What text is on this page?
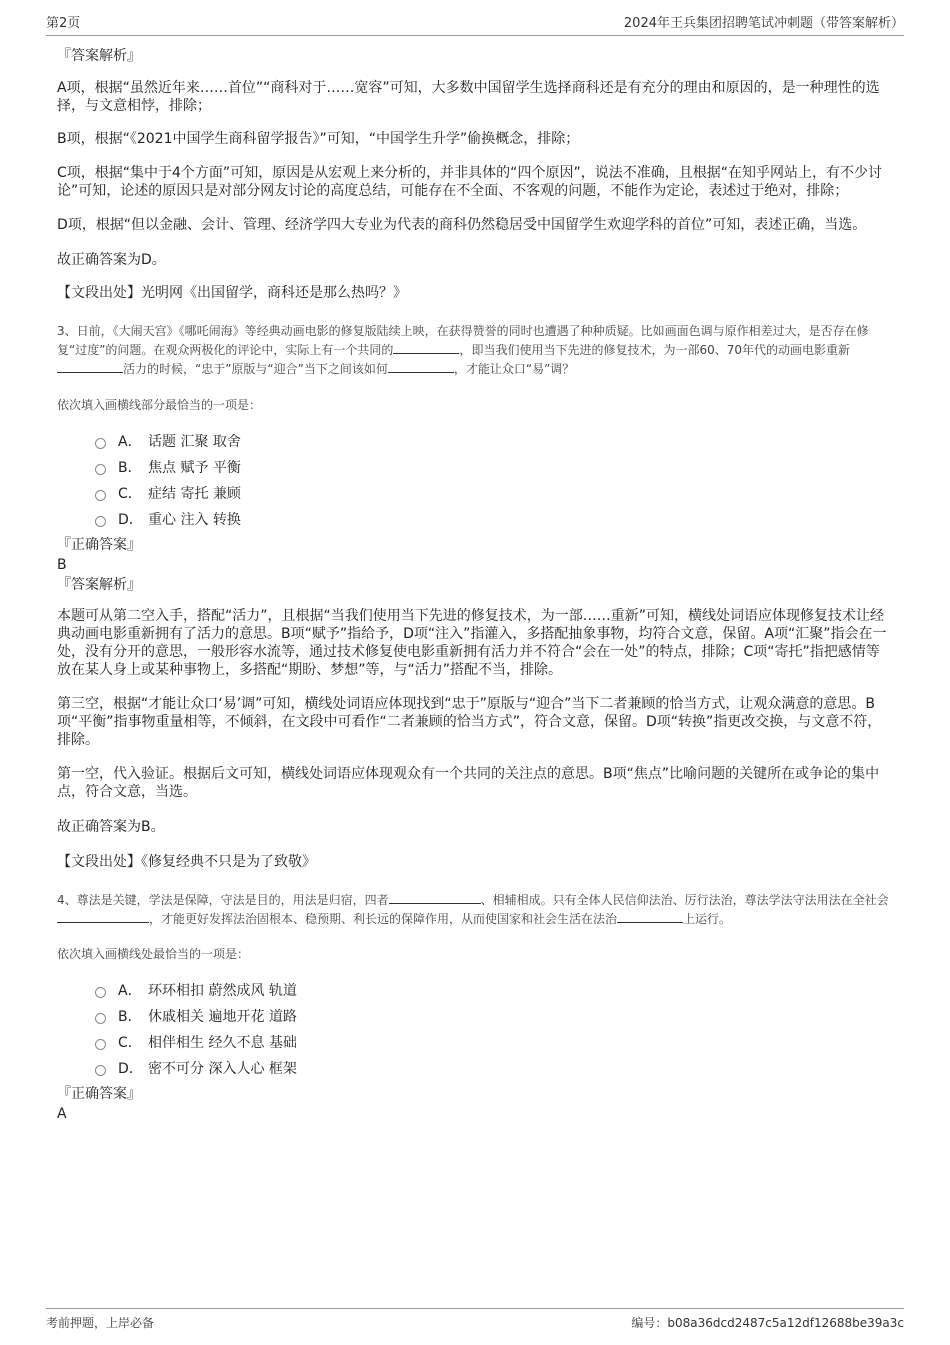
第2页	2024年王兵集团招聘笔试冲刺题（带答案解析）

『答案解析』

A项，根据“虽然近年来……首位”“商科对于……宽容”可知，大多数中国留学生选择商科还是有充分的理由和原因的，是一种理性的选择，与文意相悖，排除；

B项，根据“《2021中国学生商科留学报告》”可知，“中国学生升学”偷换概念，排除；

C项，根据“集中于4个方面”可知，原因是从宏观上来分析的，并非具体的“四个原因”，说法不准确，且根据“在知乎网站上，有不少讨论”可知，论述的原因只是对部分网友讨论的高度总结，可能存在不全面、不客观的问题，不能作为定论，表述过于绝对，排除；

D项，根据“但以金融、会计、管理、经济学四大专业为代表的商科仍然稳居受中国留学生欢迎学科的首位”可知，表述正确，当选。

故正确答案为D。

【文段出处】光明网《出国留学，商科还是那么热吗？》

3、日前，《大闹天宫》《哪吒闹海》等经典动画电影的修复版陆续上映，在获得赞誉的同时也遭遇了种种质疑。比如画面色调与原作相差过大，是否存在修复“过度”的问题。在观众两极化的评论中，实际上有一个共同的	，即当我们使用当下先进的修复技术，为一部60、70年代的动画电影重新活力的时候，“忠于”原版与“迎合”当下之间该如何	，才能让众口“易”调？

依次填入画横线部分最恰当的一项是：

A． 话题 汇聚 取舍
B． 焦点 赋予 平衡
C． 症结 寄托 兼顾
D． 重心 注入 转换

『正确答案』

B

『答案解析』

本题可从第二空入手，搭配“活力”，且根据“当我们使用当下先进的修复技术，为一部……重新”可知，横线处词语应体现修复技术让经典动画电影重新拥有了活力的意思。B项“赋予”指给予，D项“注入”指灌入，多搭配抽象事物，均符合文意，保留。A项“汇聚”指会在一处，没有分开的意思，一般形容水流等，通过技术修复使电影重新拥有活力并不符合“会在一处”的特点，排除；C项“寄托”指把感情等放在某人身上或某种事物上，多搭配“期盼、梦想”等，与“活力”搭配不当，排除。

第三空，根据“才能让众口‘易’调”可知，横线处词语应体现找到“忠于”原版与“迎合”当下二者兼顾的恰当方式，让观众满意的意思。B项“平衡”指事物重量相等，不倾斜，在文段中可看作“二者兼顾的恰当方式”，符合文意，保留。D项“转换”指更改交换，与文意不符，排除。

第一空，代入验证。根据后文可知，横线处词语应体现观众有一个共同的关注点的意思。B项“焦点”比喻问题的关键所在或争论的集中点，符合文意，当选。

故正确答案为B。

【文段出处】《修复经典不只是为了致敬》

4、尊法是关键，学法是保障，守法是目的，用法是归宿，四者	、相辅相成。只有全体人民信仰法治、厉行法治，尊法学法守法用法在全社会，才能更好发挥法治固根本、稳预期、利长远的保障作用，从而使国家和社会生活在法治	上运行。

依次填入画横线处最恰当的一项是：

A． 环环相扣 蔚然成风 轨道
B． 休戚相关 遍地开花 道路
C． 相伴相生 经久不息 基础
D． 密不可分 深入人心 框架

『正确答案』

A

考前押题，上岸必备	编号：b08a36dcd2487c5a12df12688be39a3c
